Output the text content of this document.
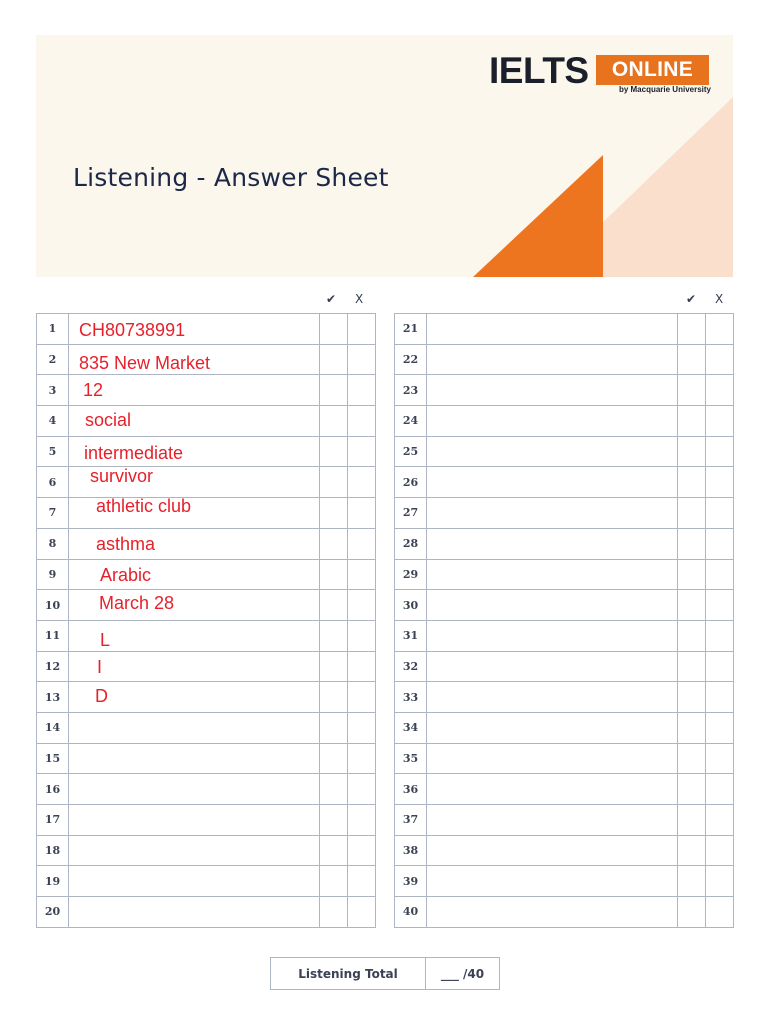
Listening - Answer Sheet
IELTS	ONLINE
by Macquarie University
✔ X	✔ X
1	CH80738991		
2	835 New Market		
3	12		
4	social		
5	intermediate		
6	survivor		
7	athletic club		
8	asthma		
9	Arabic		
10	March 28		
11	L		
12	I		
13	D		
14			
15			
16			
17			
18			
19			
20			
21			
22			
23			
24			
25			
26			
27			
28			
29			
30			
31			
32			
33			
34			
35			
36			
37			
38			
39			
40			
Listening Total	___ /40
